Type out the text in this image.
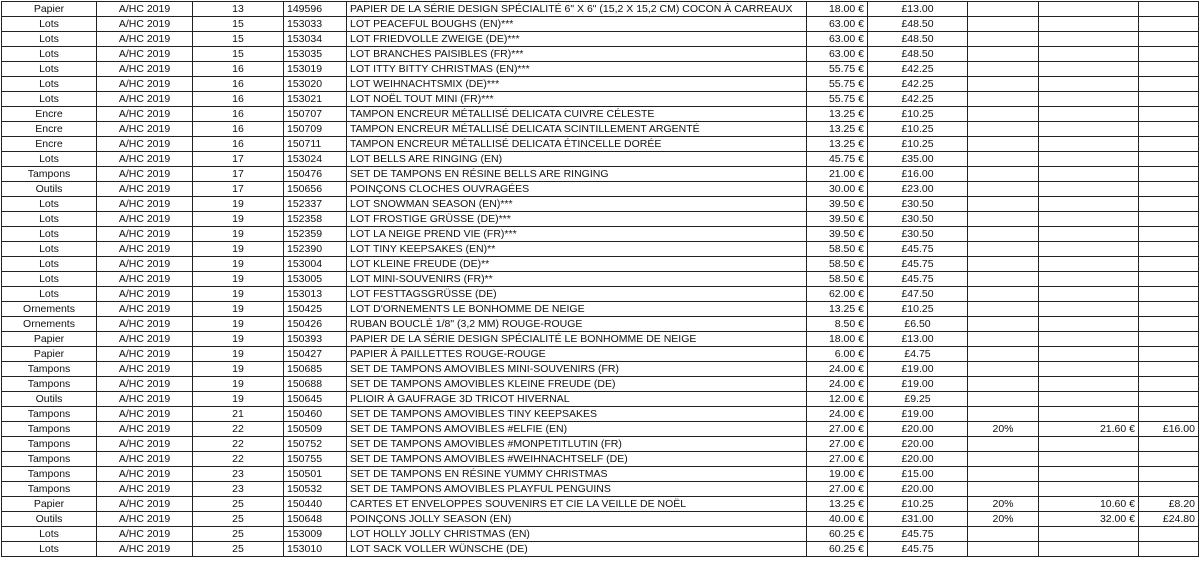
Papier	A/HC 2019	13	149596	PAPIER DE LA SÉRIE DESIGN SPÉCIALITÉ 6" X 6" (15,2 X 15,2 CM) COCON À CARREAUX	18.00 €	£13.00			
Lots	A/HC 2019	15	153033	LOT PEACEFUL BOUGHS (EN)***	63.00 €	£48.50			
Lots	A/HC 2019	15	153034	LOT FRIEDVOLLE ZWEIGE (DE)***	63.00 €	£48.50			
Lots	A/HC 2019	15	153035	LOT BRANCHES PAISIBLES (FR)***	63.00 €	£48.50			
Lots	A/HC 2019	16	153019	LOT ITTY BITTY CHRISTMAS (EN)***	55.75 €	£42.25			
Lots	A/HC 2019	16	153020	LOT WEIHNACHTSMIX (DE)***	55.75 €	£42.25			
Lots	A/HC 2019	16	153021	LOT NOËL TOUT MINI (FR)***	55.75 €	£42.25			
Encre	A/HC 2019	16	150707	TAMPON ENCREUR MÉTALLISÉ DELICATA CUIVRE CÉLESTE	13.25 €	£10.25			
Encre	A/HC 2019	16	150709	TAMPON ENCREUR MÉTALLISÉ DELICATA SCINTILLEMENT ARGENTÉ	13.25 €	£10.25			
Encre	A/HC 2019	16	150711	TAMPON ENCREUR MÉTALLISÉ DELICATA ÉTINCELLE DORÉE	13.25 €	£10.25			
Lots	A/HC 2019	17	153024	LOT BELLS ARE RINGING (EN)	45.75 €	£35.00			
Tampons	A/HC 2019	17	150476	SET DE TAMPONS EN RÉSINE BELLS ARE RINGING	21.00 €	£16.00			
Outils	A/HC 2019	17	150656	POINÇONS CLOCHES OUVRAGÉES	30.00 €	£23.00			
Lots	A/HC 2019	19	152337	LOT SNOWMAN SEASON (EN)***	39.50 €	£30.50			
Lots	A/HC 2019	19	152358	LOT FROSTIGE GRÜSSE (DE)***	39.50 €	£30.50			
Lots	A/HC 2019	19	152359	LOT LA NEIGE PREND VIE (FR)***	39.50 €	£30.50			
Lots	A/HC 2019	19	152390	LOT TINY KEEPSAKES (EN)**	58.50 €	£45.75			
Lots	A/HC 2019	19	153004	LOT KLEINE FREUDE (DE)**	58.50 €	£45.75			
Lots	A/HC 2019	19	153005	LOT MINI-SOUVENIRS (FR)**	58.50 €	£45.75			
Lots	A/HC 2019	19	153013	LOT FESTTAGSGRÜSSE (DE)	62.00 €	£47.50			
Ornements	A/HC 2019	19	150425	LOT D'ORNEMENTS LE BONHOMME DE NEIGE	13.25 €	£10.25			
Ornements	A/HC 2019	19	150426	RUBAN BOUCLÉ 1/8" (3,2 MM) ROUGE-ROUGE	8.50 €	£6.50			
Papier	A/HC 2019	19	150393	PAPIER DE LA SÉRIE DESIGN SPÉCIALITÉ LE BONHOMME DE NEIGE	18.00 €	£13.00			
Papier	A/HC 2019	19	150427	PAPIER À PAILLETTES ROUGE-ROUGE	6.00 €	£4.75			
Tampons	A/HC 2019	19	150685	SET DE TAMPONS AMOVIBLES MINI-SOUVENIRS (FR)	24.00 €	£19.00			
Tampons	A/HC 2019	19	150688	SET DE TAMPONS AMOVIBLES KLEINE FREUDE (DE)	24.00 €	£19.00			
Outils	A/HC 2019	19	150645	PLIOIR À GAUFRAGE 3D TRICOT HIVERNAL	12.00 €	£9.25			
Tampons	A/HC 2019	21	150460	SET DE TAMPONS AMOVIBLES TINY KEEPSAKES	24.00 €	£19.00			
Tampons	A/HC 2019	22	150509	SET DE TAMPONS AMOVIBLES #ELFIE (EN)	27.00 €	£20.00	20%	21.60 €	£16.00
Tampons	A/HC 2019	22	150752	SET DE TAMPONS AMOVIBLES #MONPETITLUTIN (FR)	27.00 €	£20.00			
Tampons	A/HC 2019	22	150755	SET DE TAMPONS AMOVIBLES #WEIHNACHTSELF (DE)	27.00 €	£20.00			
Tampons	A/HC 2019	23	150501	SET DE TAMPONS EN RÉSINE YUMMY CHRISTMAS	19.00 €	£15.00			
Tampons	A/HC 2019	23	150532	SET DE TAMPONS AMOVIBLES PLAYFUL PENGUINS	27.00 €	£20.00			
Papier	A/HC 2019	25	150440	CARTES ET ENVELOPPES SOUVENIRS ET CIE LA VEILLE DE NOËL	13.25 €	£10.25	20%	10.60 €	£8.20
Outils	A/HC 2019	25	150648	POINÇONS JOLLY SEASON (EN)	40.00 €	£31.00	20%	32.00 €	£24.80
Lots	A/HC 2019	25	153009	LOT HOLLY JOLLY CHRISTMAS (EN)	60.25 €	£45.75			
Lots	A/HC 2019	25	153010	LOT SACK VOLLER WÜNSCHE (DE)	60.25 €	£45.75			
